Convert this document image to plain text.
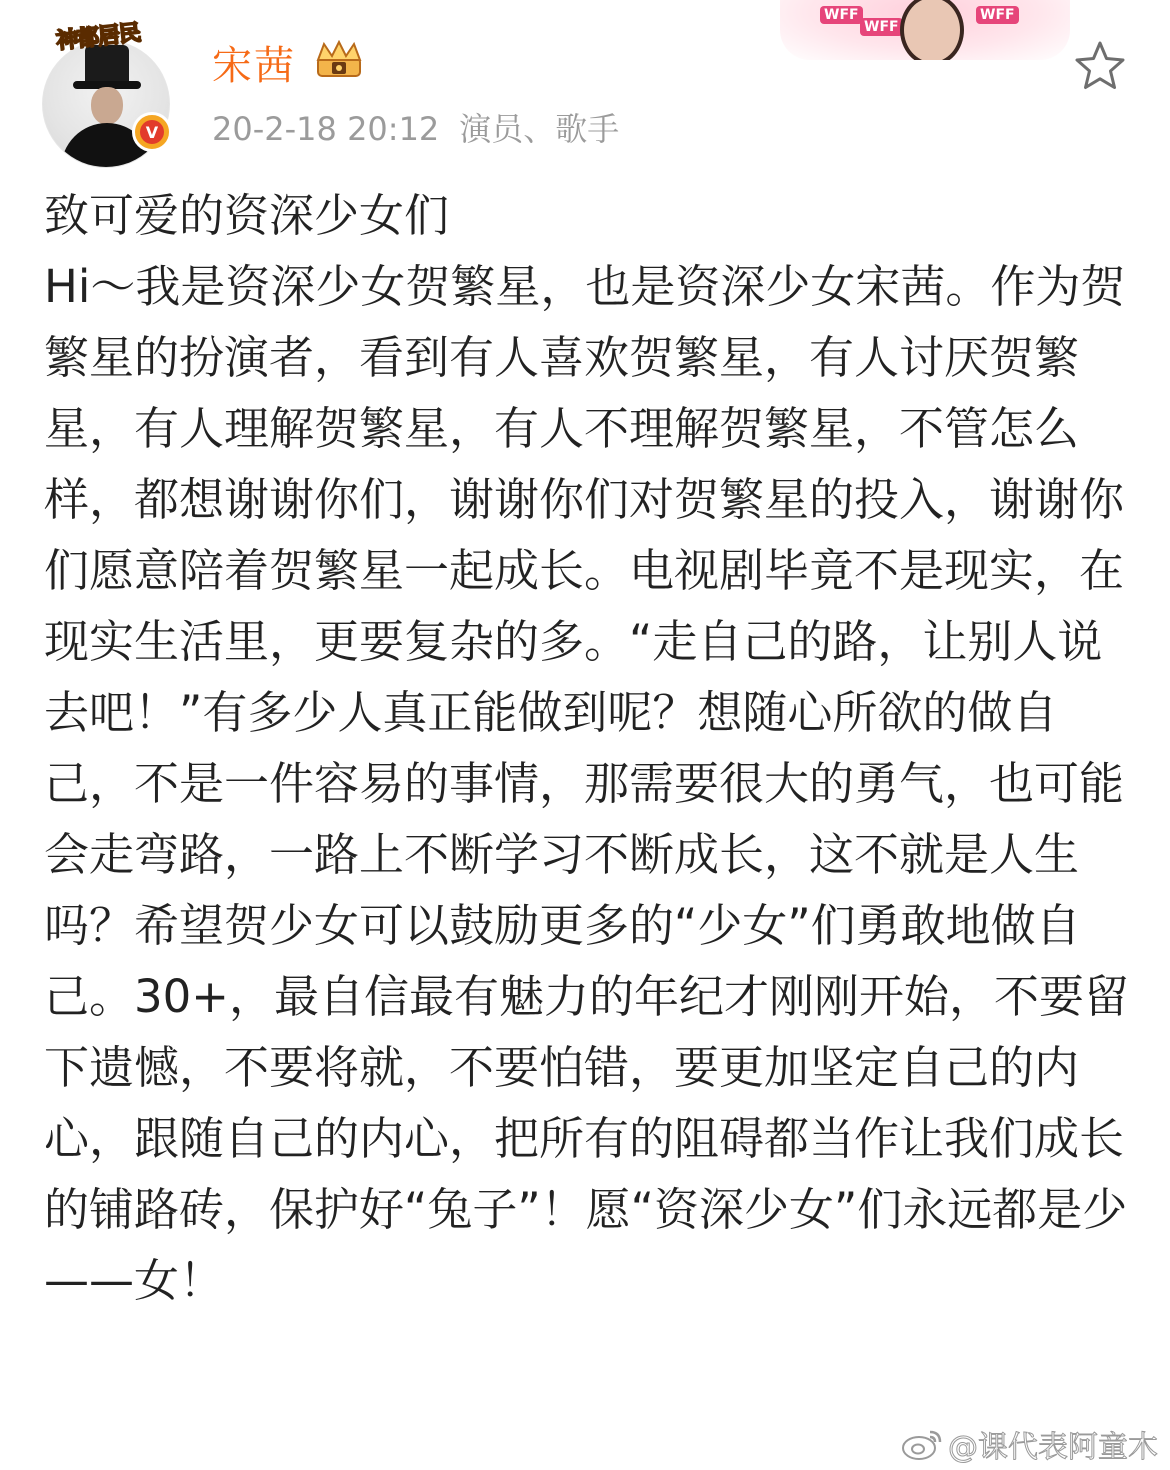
神都居民
V
宋茜
20-2-18 20:12 演员、歌手
WFF
WFF
WFF

致可爱的资深少女们

Hi～我是资深少女贺繁星，也是资深少女宋茜。作为贺繁星的扮演者，看到有人喜欢贺繁星，有人讨厌贺繁星，有人理解贺繁星，有人不理解贺繁星，不管怎么样，都想谢谢你们，谢谢你们对贺繁星的投入，谢谢你们愿意陪着贺繁星一起成长。电视剧毕竟不是现实，在现实生活里，更要复杂的多。“走自己的路，让别人说去吧！”有多少人真正能做到呢？想随心所欲的做自己，不是一件容易的事情，那需要很大的勇气，也可能会走弯路，一路上不断学习不断成长，这不就是人生吗？希望贺少女可以鼓励更多的“少女”们勇敢地做自己。30+，最自信最有魅力的年纪才刚刚开始，不要留下遗憾，不要将就，不要怕错，要更加坚定自己的内心，跟随自己的内心，把所有的阻碍都当作让我们成长的铺路砖，保护好“兔子”！愿“资深少女”们永远都是少——女！

@课代表阿童木
